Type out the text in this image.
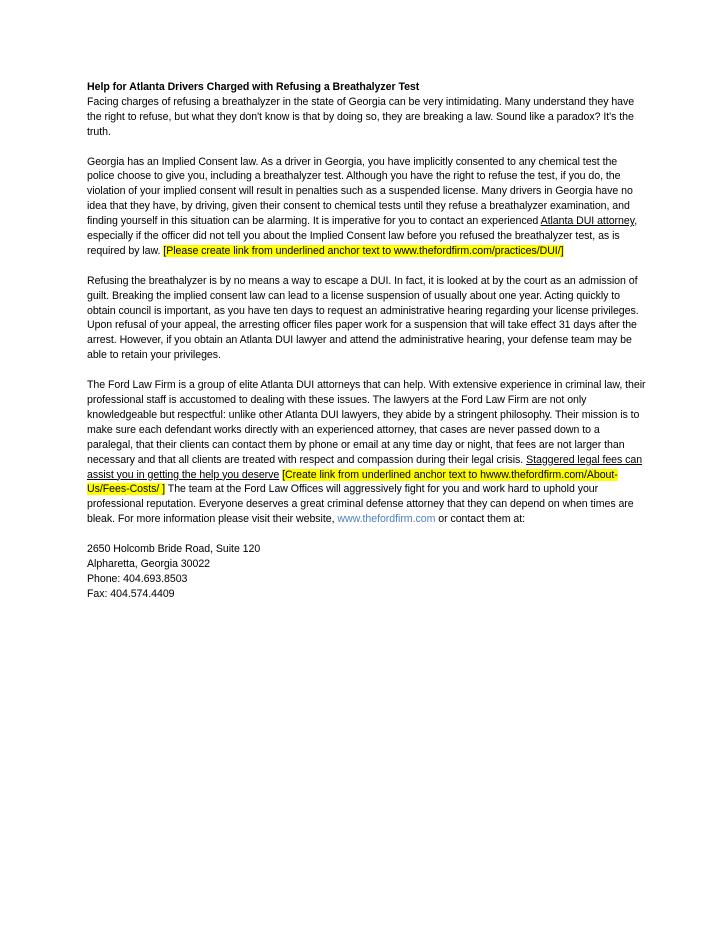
Help for Atlanta Drivers Charged with Refusing a Breathalyzer Test

Facing charges of refusing a breathalyzer in the state of Georgia can be very intimidating. Many understand they have the right to refuse, but what they don't know is that by doing so, they are breaking a law. Sound like a paradox? It's the truth.

Georgia has an Implied Consent law. As a driver in Georgia, you have implicitly consented to any chemical test the police choose to give you, including a breathalyzer test. Although you have the right to refuse the test, if you do, the violation of your implied consent will result in penalties such as a suspended license. Many drivers in Georgia have no idea that they have, by driving, given their consent to chemical tests until they refuse a breathalyzer examination, and finding yourself in this situation can be alarming. It is imperative for you to contact an experienced Atlanta DUI attorney, especially if the officer did not tell you about the Implied Consent law before you refused the breathalyzer test, as is required by law. [Please create link from underlined anchor text to www.thefordfirm.com/practices/DUI/]

Refusing the breathalyzer is by no means a way to escape a DUI. In fact, it is looked at by the court as an admission of guilt. Breaking the implied consent law can lead to a license suspension of usually about one year. Acting quickly to obtain council is important, as you have ten days to request an administrative hearing regarding your license privileges. Upon refusal of your appeal, the arresting officer files paper work for a suspension that will take effect 31 days after the arrest. However, if you obtain an Atlanta DUI lawyer and attend the administrative hearing, your defense team may be able to retain your privileges.

The Ford Law Firm is a group of elite Atlanta DUI attorneys that can help. With extensive experience in criminal law, their professional staff is accustomed to dealing with these issues. The lawyers at the Ford Law Firm are not only knowledgeable but respectful: unlike other Atlanta DUI lawyers, they abide by a stringent philosophy. Their mission is to make sure each defendant works directly with an experienced attorney, that cases are never passed down to a paralegal, that their clients can contact them by phone or email at any time day or night, that fees are not larger than necessary and that all clients are treated with respect and compassion during their legal crisis. Staggered legal fees can assist you in getting the help you deserve [Create link from underlined anchor text to hwww.thefordfirm.com/About-Us/Fees-Costs/ ] The team at the Ford Law Offices will aggressively fight for you and work hard to uphold your professional reputation. Everyone deserves a great criminal defense attorney that they can depend on when times are bleak. For more information please visit their website, www.thefordfirm.com or contact them at:

2650 Holcomb Bride Road, Suite 120
Alpharetta, Georgia 30022
Phone: 404.693.8503
Fax: 404.574.4409
